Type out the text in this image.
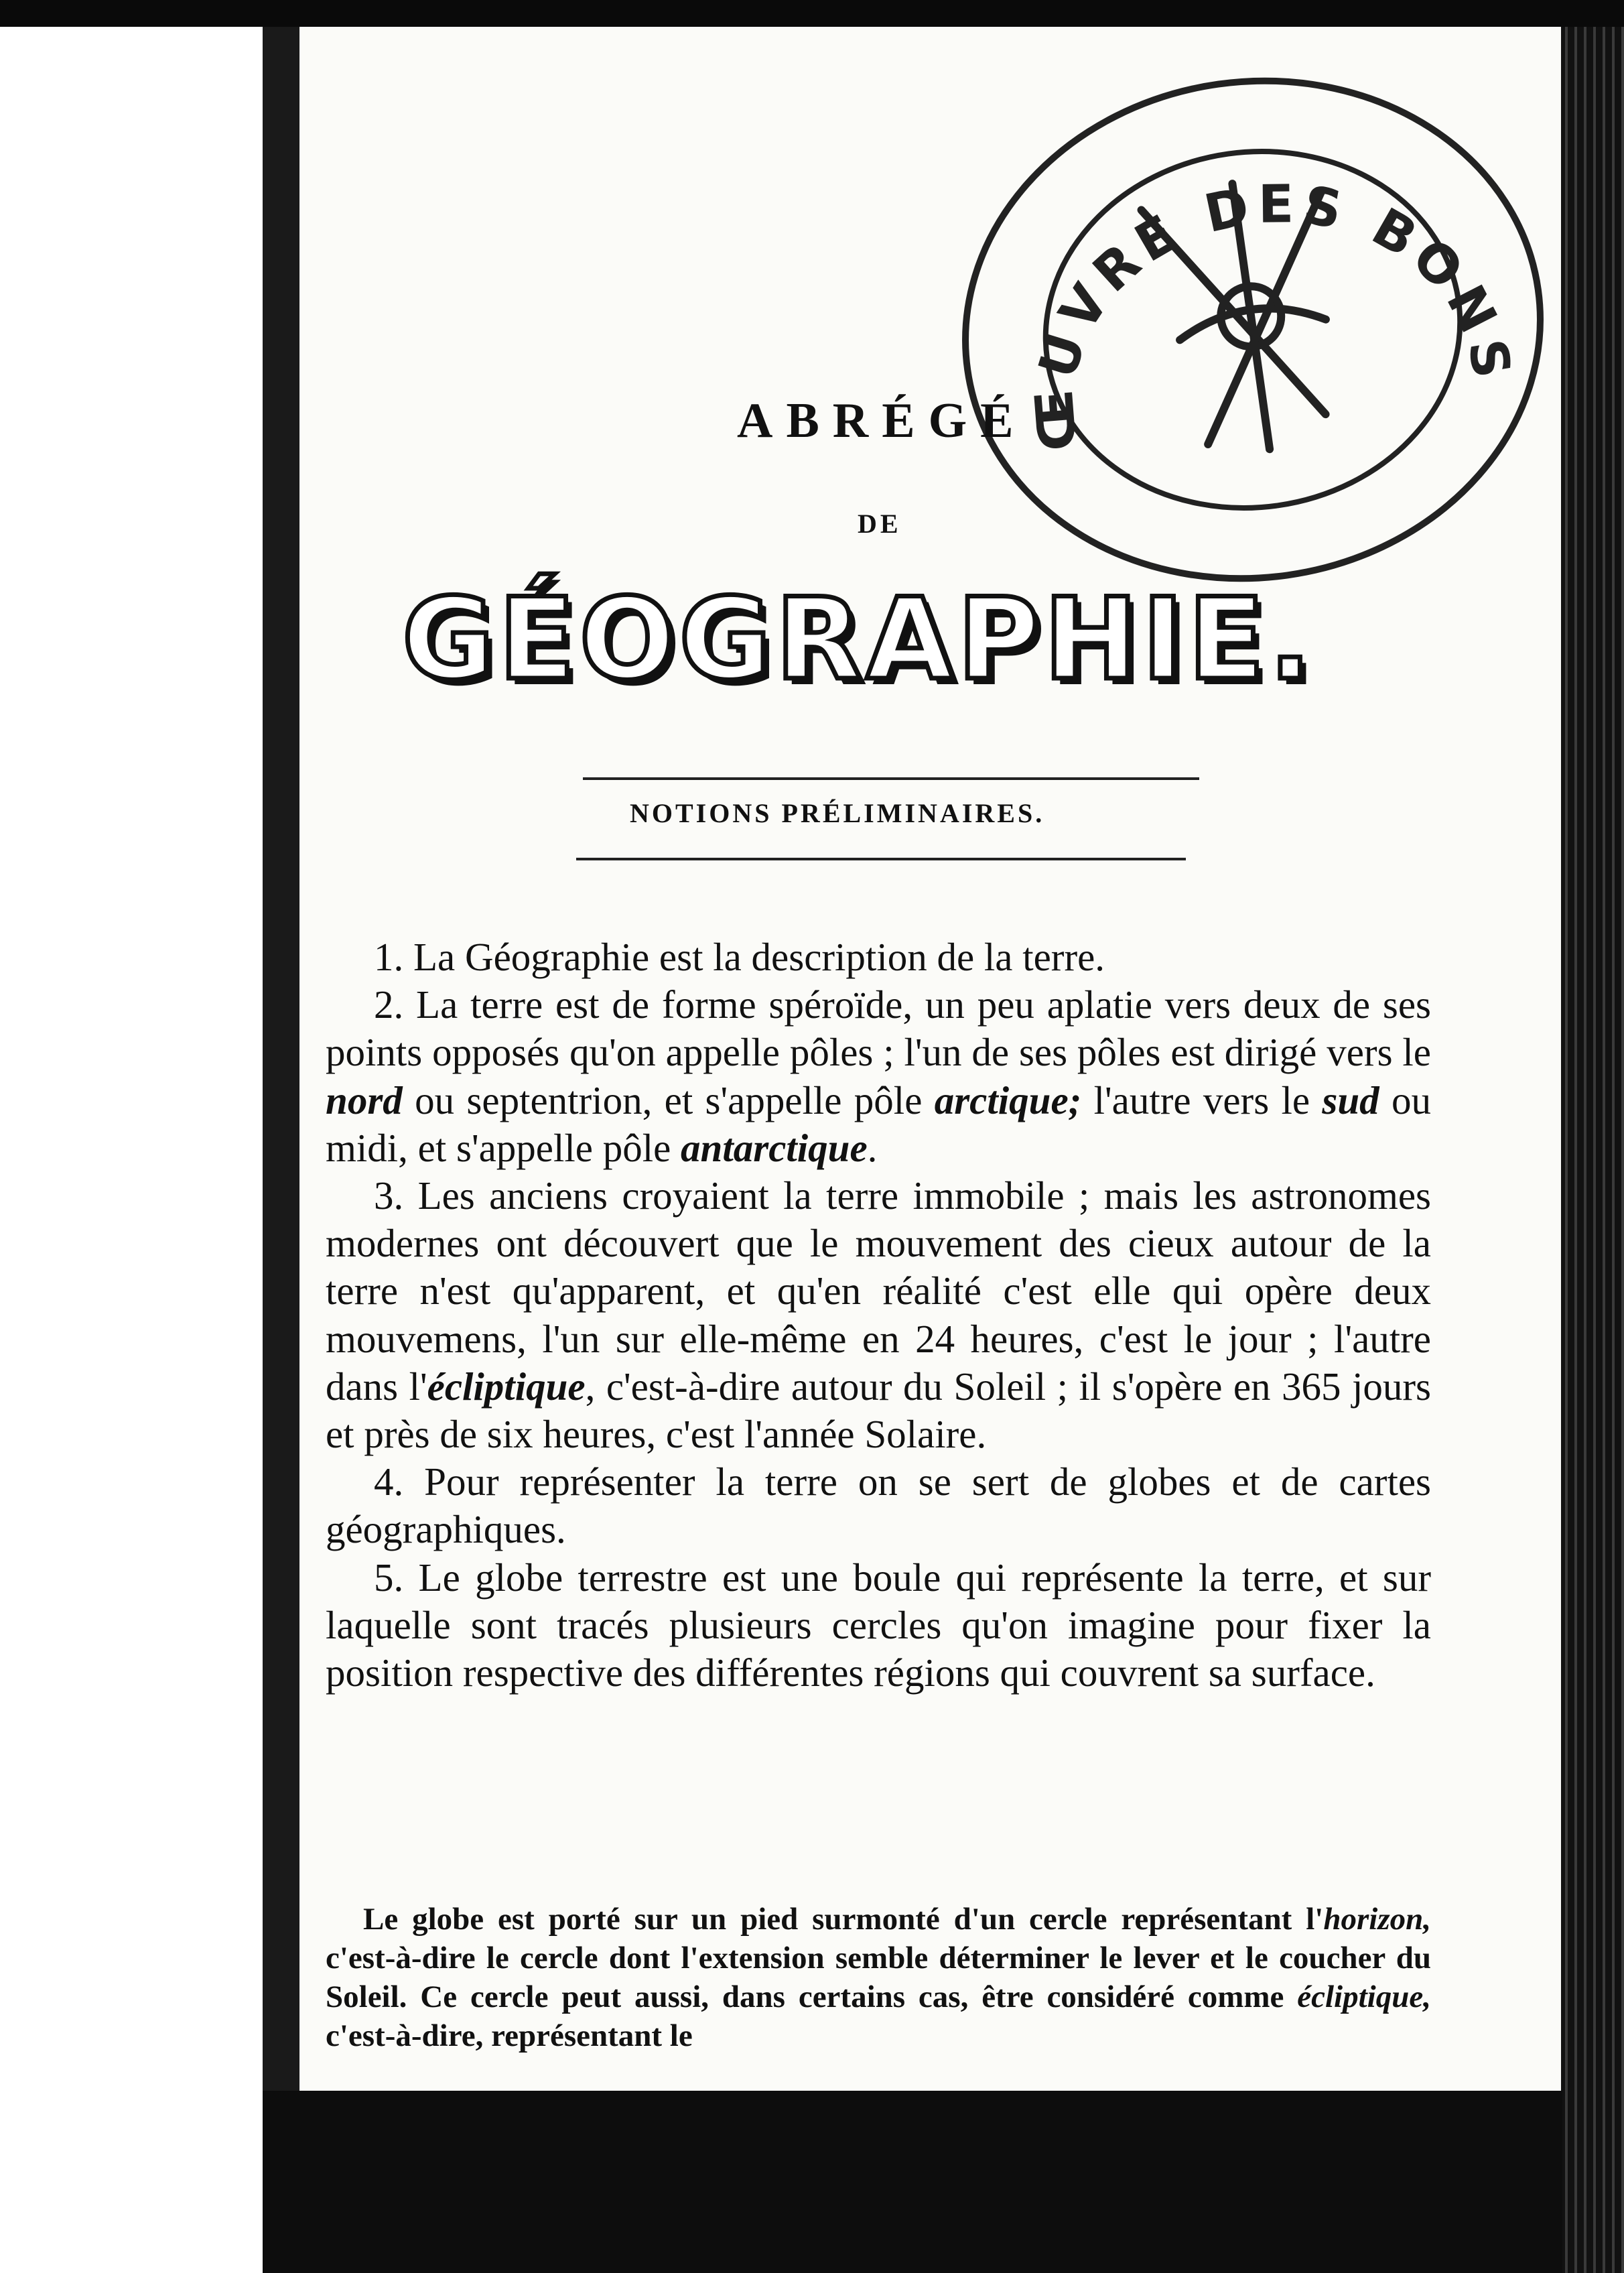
ŒUVRE DES BONS
ABRÉGÉ
DE
GÉOGRAPHIE.
NOTIONS PRÉLIMINAIRES.

1. La Géographie est la description de la terre.

2. La terre est de forme spéroïde, un peu aplatie vers deux de ses points opposés qu'on appelle pôles ; l'un de ses pôles est dirigé vers le nord ou septentrion, et s'appelle pôle arctique; l'autre vers le sud ou midi, et s'appelle pôle antarctique.

3. Les anciens croyaient la terre immobile ; mais les astronomes modernes ont découvert que le mouvement des cieux autour de la terre n'est qu'apparent, et qu'en réalité c'est elle qui opère deux mouvemens, l'un sur elle-même en 24 heures, c'est le jour ; l'autre dans l'écliptique, c'est-à-dire autour du Soleil ; il s'opère en 365 jours et près de six heures, c'est l'année Solaire.

4. Pour représenter la terre on se sert de globes et de cartes géographiques.

5. Le globe terrestre est une boule qui représente la terre, et sur laquelle sont tracés plusieurs cercles qu'on imagine pour fixer la position respective des différentes régions qui couvrent sa surface.

Le globe est porté sur un pied surmonté d'un cercle représentant l'horizon, c'est-à-dire le cercle dont l'extension semble déterminer le lever et le coucher du Soleil. Ce cercle peut aussi, dans certains cas, être considéré comme écliptique, c'est-à-dire, représentant le
